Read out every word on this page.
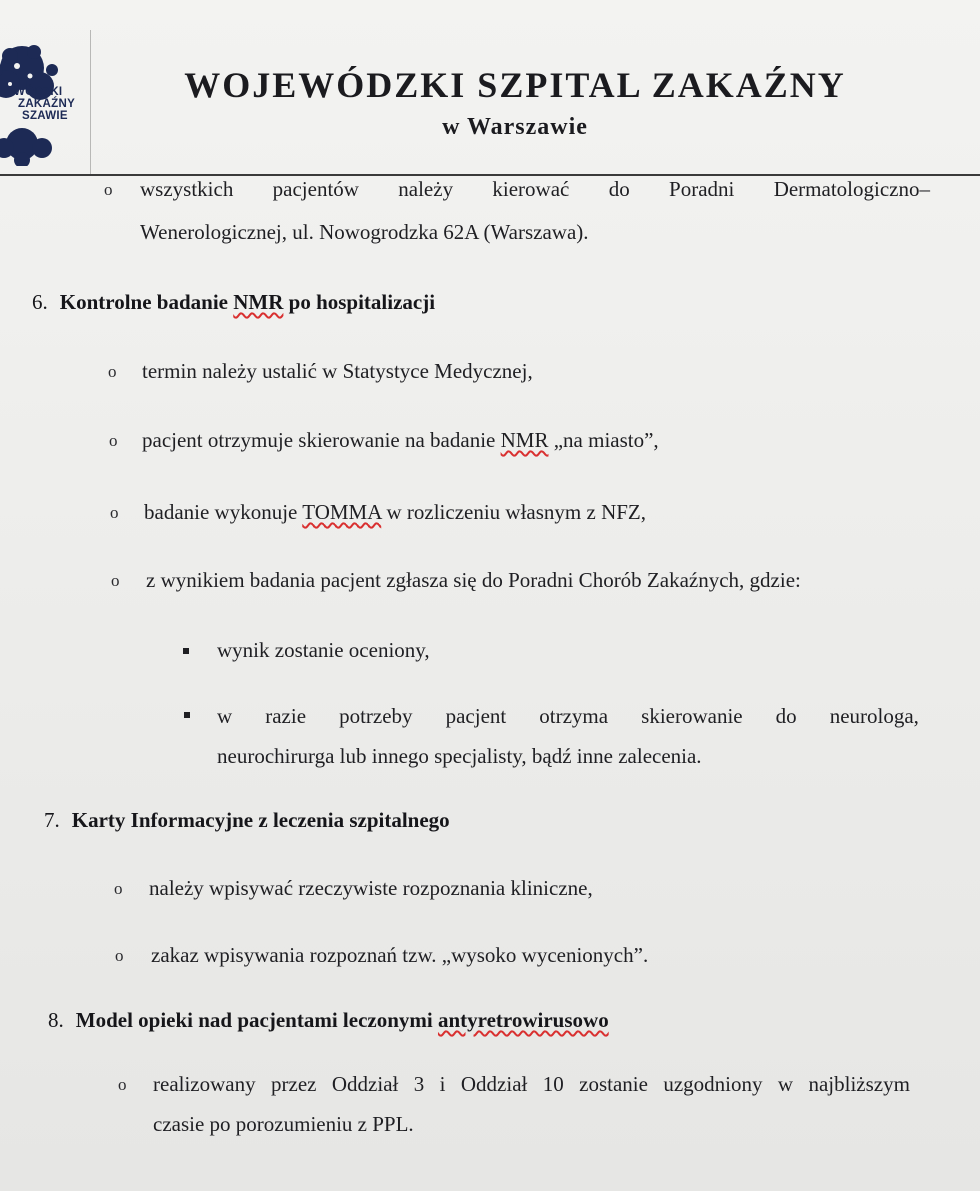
WÓDZKI
ZAKAŹNY
SZAWIE
WOJEWÓDZKI SZPITAL ZAKAŹNY
w Warszawie
o wszystkich pacjentów należy kierować do Poradni Dermatologiczno–
Wenerologicznej, ul. Nowogrodzka 62A (Warszawa).
6. Kontrolne badanie NMR po hospitalizacji
o termin należy ustalić w Statystyce Medycznej,
o pacjent otrzymuje skierowanie na badanie NMR „na miasto”,
o badanie wykonuje TOMMA w rozliczeniu własnym z NFZ,
o z wynikiem badania pacjent zgłasza się do Poradni Chorób Zakaźnych, gdzie:
wynik zostanie oceniony,
w razie potrzeby pacjent otrzyma skierowanie do neurologa,
neurochirurga lub innego specjalisty, bądź inne zalecenia.
7. Karty Informacyjne z leczenia szpitalnego
o należy wpisywać rzeczywiste rozpoznania kliniczne,
o zakaz wpisywania rozpoznań tzw. „wysoko wycenionych”.
8. Model opieki nad pacjentami leczonymi antyretrowirusowo
o realizowany przez Oddział 3 i Oddział 10 zostanie uzgodniony w najbliższym
czasie po porozumieniu z PPL.
